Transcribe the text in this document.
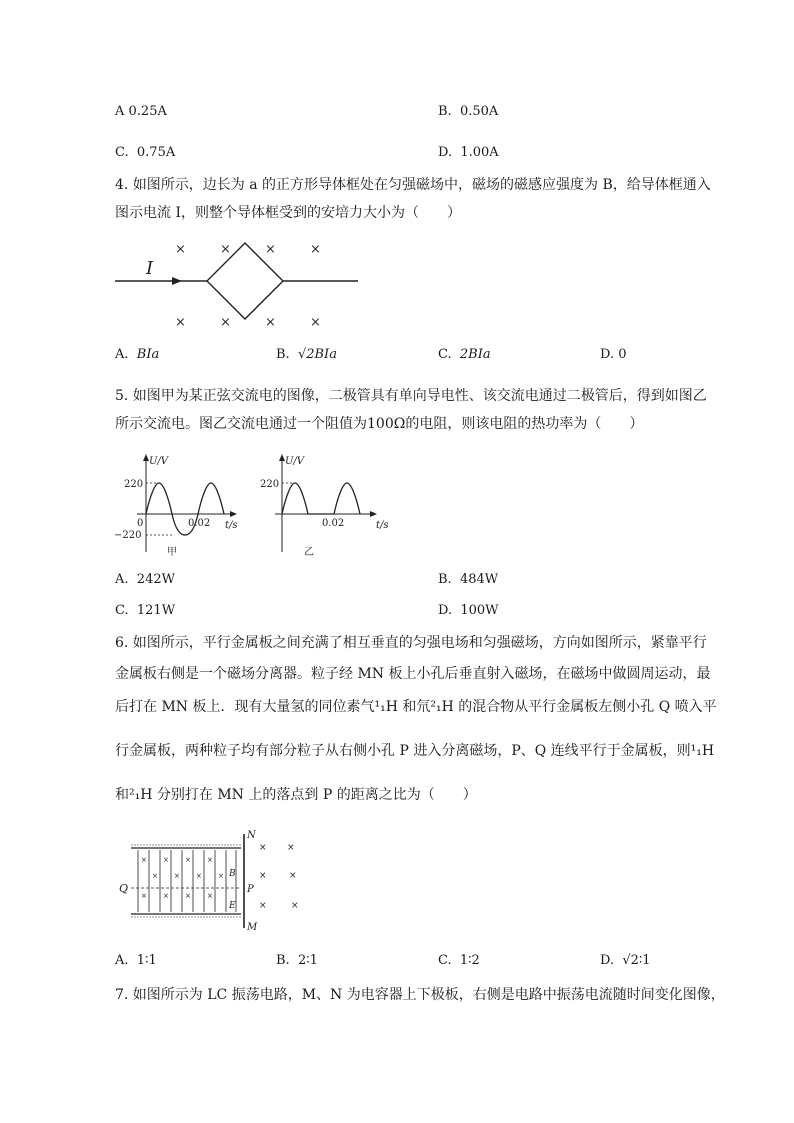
A 0.25A	B. 0.50A
C. 0.75A	D. 1.00A
4. 如图所示，边长为 a 的正方形导体框处在匀强磁场中，磁场的磁感应强度为 B，给导体框通入
图示电流 I，则整个导体框受到的安培力大小为（　　）
×	×	×	×
×	×	×	×
I
A. BIa	B. √2BIa	C. 2BIa	D. 0
5. 如图甲为某正弦交流电的图像，二极管具有单向导电性、该交流电通过二极管后，得到如图乙
所示交流电。图乙交流电通过一个阻值为100Ω的电阻，则该电阻的热功率为（　　）
U/V
t/s
220
−220
0	0.02
甲
U/V
t/s
220
0.02
乙
A. 242W	B. 484W
C. 121W	D. 100W
6. 如图所示，平行金属板之间充满了相互垂直的匀强电场和匀强磁场，方向如图所示，紧靠平行
金属板右侧是一个磁场分离器。粒子经 MN 板上小孔后垂直射入磁场，在磁场中做圆周运动，最
后打在 MN 板上．现有大量氢的同位素气¹₁H 和氘²₁H 的混合物从平行金属板左侧小孔 Q 喷入平
行金属板，两种粒子均有部分粒子从右侧小孔 P 进入分离磁场，P、Q 连线平行于金属板，则¹₁H
和²₁H 分别打在 MN 上的落点到 P 的距离之比为（　　）
× × × ×
× × × ×
× × × ×
Q
B
E
N
P
M
× ×
× ×
×	×
A. 1∶1	B. 2∶1	C. 1∶2	D. √2∶1
7. 如图所示为 LC 振荡电路，M、N 为电容器上下极板，右侧是电路中振荡电流随时间变化图像，
